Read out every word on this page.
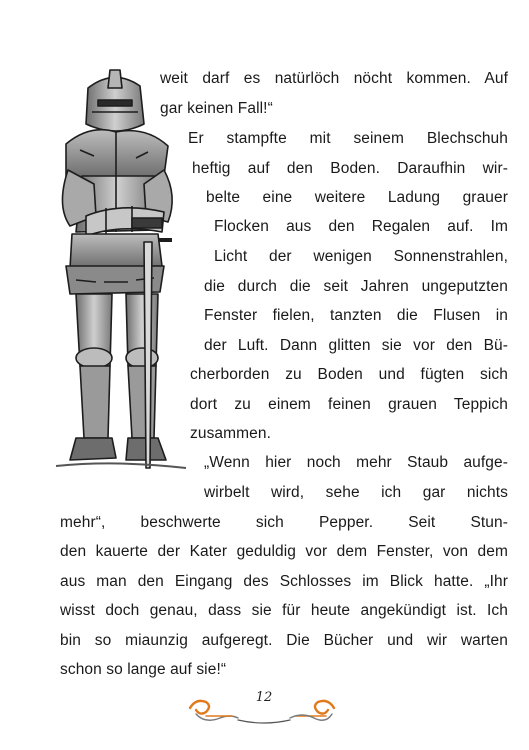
weit darf es natürlöch nöcht kommen. Auf
gar keinen Fall!“
Er stampfte mit seinem Blechschuh
heftig auf den Boden. Daraufhin wir-
belte eine weitere Ladung grauer
Flocken aus den Regalen auf. Im
Licht der wenigen Sonnenstrahlen,
die durch die seit Jahren ungeputzten
Fenster fielen, tanzten die Flusen in
der Luft. Dann glitten sie vor den Bü-
cherborden zu Boden und fügten sich
dort zu einem feinen grauen Teppich
zusammen.
„Wenn hier noch mehr Staub aufge-
wirbelt wird, sehe ich gar nichts
mehr“, beschwerte sich Pepper. Seit Stun-
den kauerte der Kater geduldig vor dem Fenster, von dem
aus man den Eingang des Schlosses im Blick hatte. „Ihr
wisst doch genau, dass sie für heute angekündigt ist. Ich
bin so miaunzig aufgeregt. Die Bücher und wir warten
schon so lange auf sie!“
12
